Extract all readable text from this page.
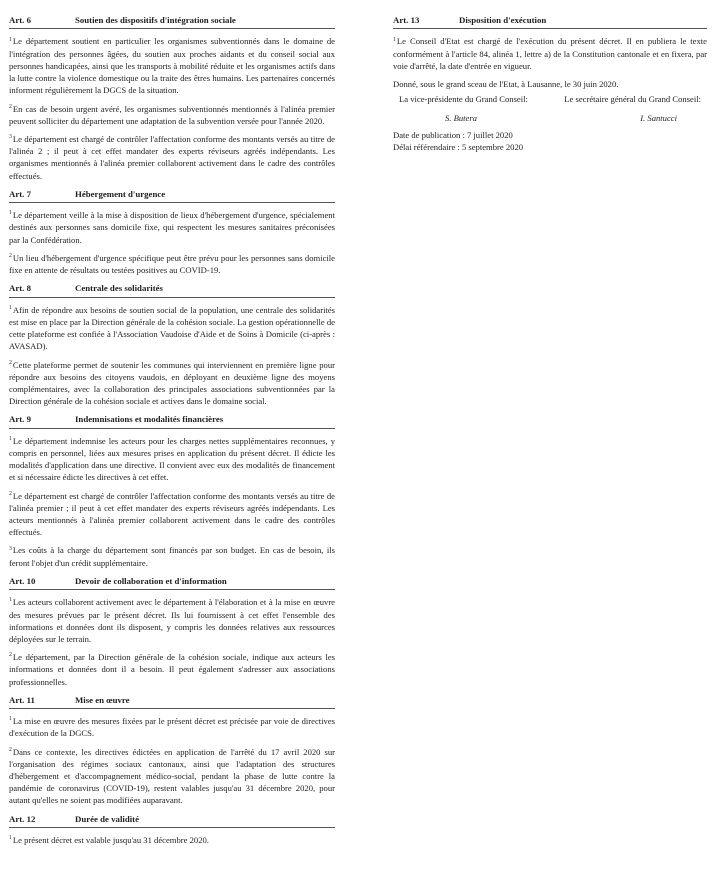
Art. 6	Soutien des dispositifs d'intégration sociale

$^1$Le département soutient en particulier les organismes subventionnés dans le domaine de l'intégration des personnes âgées, du soutien aux proches aidants et du conseil social aux personnes handicapées, ainsi que les transports à mobilité réduite et les organismes actifs dans la lutte contre la violence domestique ou la traite des êtres humains. Les partenaires concernés informent régulièrement la DGCS de la situation.

$^2$En cas de besoin urgent avéré, les organismes subventionnés mentionnés à l'alinéa premier peuvent solliciter du département une adaptation de la subvention versée pour l'année 2020.

$^3$Le département est chargé de contrôler l'affectation conforme des montants versés au titre de l'alinéa 2 ; il peut à cet effet mandater des experts réviseurs agréés indépendants. Les organismes mentionnés à l'alinéa premier collaborent activement dans le cadre des contrôles effectués.

Art. 7	Hébergement d'urgence

$^1$Le département veille à la mise à disposition de lieux d'hébergement d'urgence, spécialement destinés aux personnes sans domicile fixe, qui respectent les mesures sanitaires préconisées par la Confédération.

$^2$Un lieu d'hébergement d'urgence spécifique peut être prévu pour les personnes sans domicile fixe en attente de résultats ou testées positives au COVID-19.

Art. 8	Centrale des solidarités

$^1$Afin de répondre aux besoins de soutien social de la population, une centrale des solidarités est mise en place par la Direction générale de la cohésion sociale. La gestion opérationnelle de cette plateforme est confiée à l'Association Vaudoise d'Aide et de Soins à Domicile (ci-après : AVASAD).

$^2$Cette plateforme permet de soutenir les communes qui interviennent en première ligne pour répondre aux besoins des citoyens vaudois, en déployant en deuxième ligne des moyens complémentaires, avec la collaboration des principales associations subventionnées par la Direction générale de la cohésion sociale et actives dans le domaine social.

Art. 9	Indemnisations et modalités financières

$^1$Le département indemnise les acteurs pour les charges nettes supplémentaires reconnues, y compris en personnel, liées aux mesures prises en application du présent décret. Il édicte les modalités d'application dans une directive. Il convient avec eux des modalités de financement et si nécessaire édicte les directives à cet effet.

$^2$Le département est chargé de contrôler l'affectation conforme des montants versés au titre de l'alinéa premier ; il peut à cet effet mandater des experts réviseurs agréés indépendants. Les acteurs mentionnés à l'alinéa premier collaborent activement dans le cadre des contrôles effectués.

$^3$Les coûts à la charge du département sont financés par son budget. En cas de besoin, ils feront l'objet d'un crédit supplémentaire.

Art. 10	Devoir de collaboration et d'information

$^1$Les acteurs collaborent activement avec le département à l'élaboration et à la mise en œuvre des mesures prévues par le présent décret. Ils lui fournissent à cet effet l'ensemble des informations et données dont ils disposent, y compris les données relatives aux ressources déployées sur le terrain.

$^2$Le département, par la Direction générale de la cohésion sociale, indique aux acteurs les informations et données dont il a besoin. Il peut également s'adresser aux associations professionnelles.

Art. 11	Mise en œuvre

$^1$La mise en œuvre des mesures fixées par le présent décret est précisée par voie de directives d'exécution de la DGCS.

$^2$Dans ce contexte, les directives édictées en application de l'arrêté du 17 avril 2020 sur l'organisation des régimes sociaux cantonaux, ainsi que l'adaptation des structures d'hébergement et d'accompagnement médico-social, pendant la phase de lutte contre la pandémie de coronavirus (COVID-19), restent valables jusqu'au 31 décembre 2020, pour autant qu'elles ne soient pas modifiées auparavant.

Art. 12	Durée de validité

$^1$Le présent décret est valable jusqu'au 31 décembre 2020.

Art. 13	Disposition d'exécution

$^1$Le Conseil d'Etat est chargé de l'exécution du présent décret. Il en publiera le texte conformément à l'article 84, alinéa 1, lettre a) de la Constitution cantonale et en fixera, par voie d'arrêté, la date d'entrée en vigueur.

Donné, sous le grand sceau de l'Etat, à Lausanne, le 30 juin 2020.

La vice-présidente du Grand Conseil:	Le secrétaire général du Grand Conseil:
S. Butera	I. Santucci

Date de publication : 7 juillet 2020

Délai référendaire : 5 septembre 2020
